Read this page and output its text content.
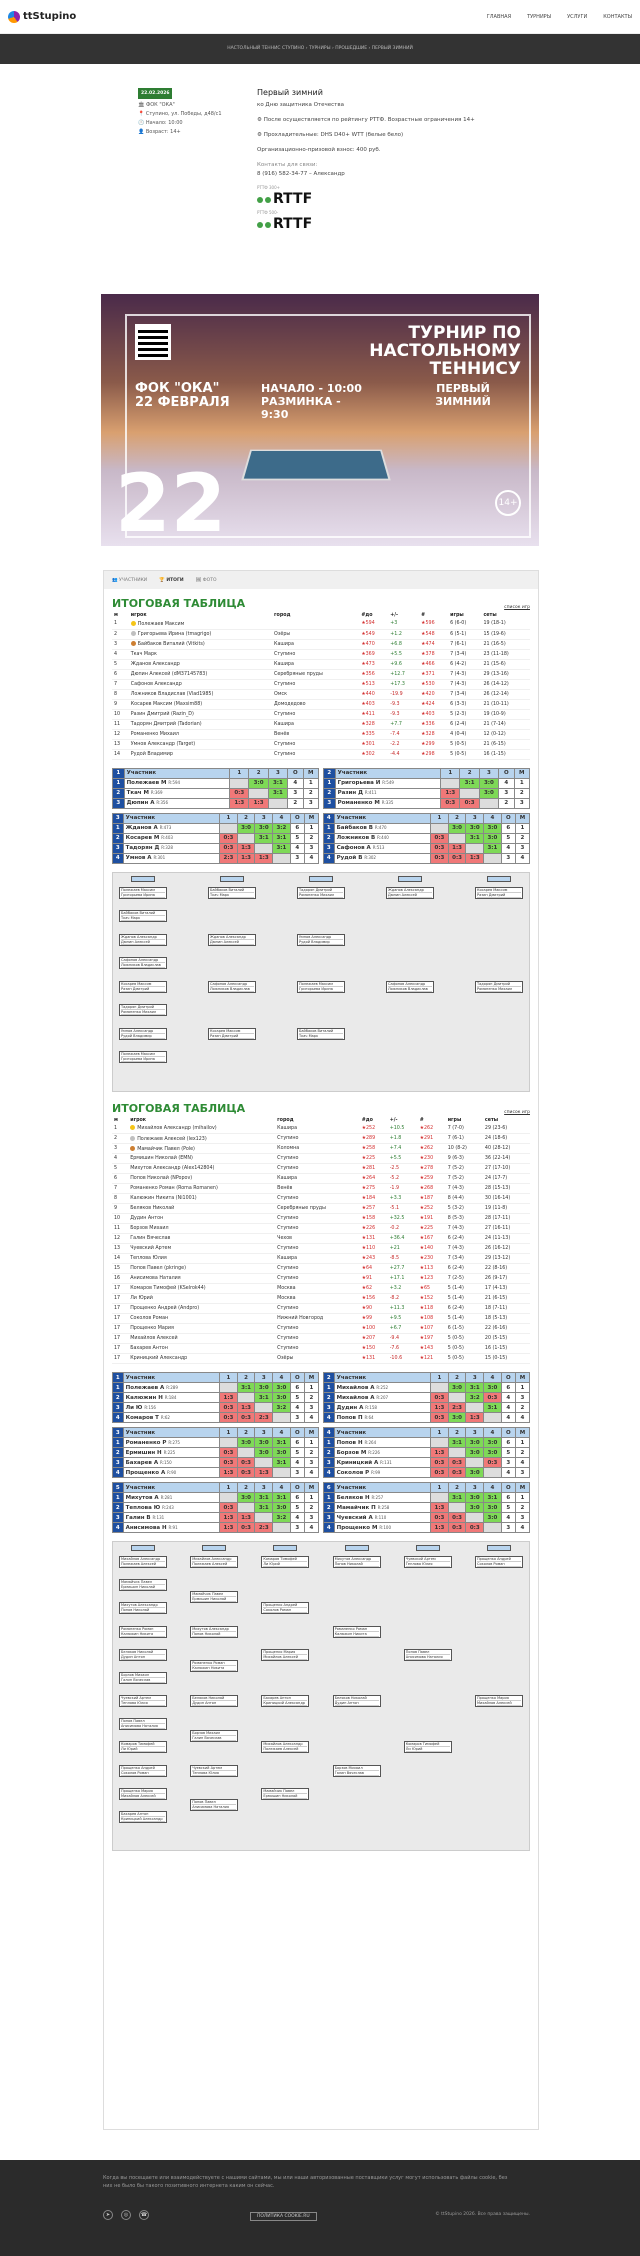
ttStupino	ГЛАВНАЯ	ТУРНИРЫ	УСЛУГИ	КОНТАКТЫ
НАСТОЛЬНЫЙ ТЕННИС СТУПИНО › ТУРНИРЫ › ПРОШЕДШИЕ › ПЕРВЫЙ ЗИМНИЙ
22.02.2026
🏛 ФОК "ОКА"
📍 Ступино, ул. Победы, д48/с1
🕙 Начало: 10:00
👤 Возраст: 14+
Первый зимний
ко Дню защитника Отечества
⚙ После осуществляется по рейтингу РТТФ. Возрастные ограничения 14+
⚙ Прохладительные: DHS D40+ WTT (белые бело)
Организационно-призовой взнос: 400 руб.
Контакты для связи:
8 (916) 582-34-77 – Александр
РТТФ 300+
RTTF
РТТФ 500-
RTTF
ТУРНИР ПО НАСТОЛЬНОМУ ТЕННИСУ
ФОК "ОКА" 22 ФЕВРАЛЯ
НАЧАЛО - 10:00 РАЗМИНКА - 9:30
ПЕРВЫЙ ЗИМНИЙ
22	14+
👥 УЧАСТНИКИ	🏆 ИТОГИ	🖼 ФОТО
ИТОГОВАЯ ТАБЛИЦА	список игр
м	игрок	город	#до	+/-	#	игры	сеты
1	Полежаев Максим		★594	+3	★596	6 (6-0)	19 (18-1)
2	Григорьева Ирина (tmagrigo)	Озёры	★549	+1.2	★548	6 (5-1)	15 (19-6)
3	Байбаков Виталий (Vitkits)	Кашира	★470	+6.8	★474	7 (6-1)	21 (16-5)
4	Ткач Марк	Ступино	★369	+5.5	★378	7 (3-4)	23 (11-18)
5	Жданов Александр	Кашира	★473	+9.6	★466	6 (4-2)	21 (15-6)
6	Дюпин Алексей (dM37145783)	Серебряные пруды	★356	+12.7	★371	7 (4-3)	29 (13-16)
7	Сафонов Александр	Ступино	★513	+17.3	★530	7 (4-3)	26 (14-12)
8	Ложников Владислав (Vlad1985)	Омск	★440	-19.9	★420	7 (3-4)	26 (12-14)
9	Косарев Максим (Maxsim88)	Домодедово	★403	-9.3	★424	6 (3-3)	21 (10-11)
10	Разин Дмитрий (Razin_D)	Ступино	★411	-9.3	★403	5 (2-3)	19 (10-9)
11	Тадорян Дмитрий (Tadorian)	Кашира	★328	+7.7	★336	6 (2-4)	21 (7-14)
12	Романенко Михаил	Венёв	★335	-7.4	★328	4 (0-4)	12 (0-12)
13	Умнов Александр (Target)	Ступино	★301	-2.2	★299	5 (0-5)	21 (6-15)
14	Рудой Владимир	Ступино	★302	-4.4	★298	5 (0-5)	16 (1-15)
1	Участник	1	2	3	О	М
1	Полежаев М R:594		3:0	3:1	4	1
2	Ткач М R:369	0:3		3:1	3	2
3	Дюпин А R:356	1:3	1:3		2	3
2	Участник	1	2	3	О	М
1	Григорьева И R:549		3:1	3:0	4	1
2	Разин Д R:411	1:3		3:0	3	2
3	Романенко М R:335	0:3	0:3		2	3
3	Участник	1	2	3	4	О	М
1	Жданов А R:473		3:0	3:0	3:2	6	1
2	Косарев М R:403	0:3		3:1	3:1	5	2
3	Тадорян Д R:328	0:3	1:3		3:1	4	3
4	Умнов А R:301	2:3	1:3	1:3		3	4
4	Участник	1	2	3	4	О	М
1	Байбаков В R:470		3:0	3:0	3:0	6	1
2	Ложников В R:440	0:3		3:1	3:0	5	2
3	Сафонов А R:513	0:3	1:3		3:1	4	3
4	Рудой В R:302	0:3	0:3	1:3		3	4
Полежаев Максим
Григорьева Ирина
Байбаков Виталий
Ткач Марк
Жданов Александр
Дюпин Алексей
Сафонов Александр
Ложников Владислав
Косарев Максим
Разин Дмитрий
Тадорян Дмитрий
Романенко Михаил
Умнов Александр
Рудой Владимир
Полежаев Максим
Григорьева Ирина
Байбаков Виталий
Ткач Марк
Жданов Александр
Дюпин Алексей
Сафонов Александр
Ложников Владислав
Косарев Максим
Разин Дмитрий
Тадорян Дмитрий
Романенко Михаил
Умнов Александр
Рудой Владимир
Полежаев Максим
Григорьева Ирина
Байбаков Виталий
Ткач Марк
Жданов Александр
Дюпин Алексей
Сафонов Александр
Ложников Владислав
Косарев Максим
Разин Дмитрий
Тадорян Дмитрий
Романенко Михаил
ИТОГОВАЯ ТАБЛИЦА	список игр
м	игрок	город	#до	+/-	#	игры	сеты
1	Михайлов Александр (mihailov)	Кашира	★252	+10.5	★262	7 (7-0)	29 (23-6)
2	Полежаев Алексей (lex123)	Ступино	★289	+1.8	★291	7 (6-1)	24 (18-6)
3	Мамайчик Павел (Pole)	Коломна	★258	+7.4	★262	10 (8-2)	40 (28-12)
4	Ермишин Николай (EMN)	Ступино	★225	+5.5	★230	9 (6-3)	36 (22-14)
5	Михутов Александр (Alex142804)	Ступино	★281	-2.5	★278	7 (5-2)	27 (17-10)
6	Попов Николай (NPopov)	Кашира	★264	-5.2	★259	7 (5-2)	24 (17-7)
7	Романенко Роман (Roma Romanen)	Венёв	★275	-1.9	★268	7 (4-3)	28 (15-13)
8	Калюжин Никита (Ni1001)	Ступино	★184	+3.3	★187	8 (4-4)	30 (16-14)
9	Беляков Николай	Серебряные пруды	★257	-5.1	★252	5 (3-2)	19 (11-8)
10	Дудин Антон	Ступино	★158	+32.5	★191	8 (5-3)	28 (17-11)
11	Борзов Михаил	Ступино	★226	-0.2	★225	7 (4-3)	27 (16-11)
12	Галин Вячеслав	Чехов	★131	+36.4	★167	6 (2-4)	24 (11-13)
13	Чуевский Артем	Ступино	★110	+21	★140	7 (4-3)	26 (16-12)
14	Теплова Юлия	Кашира	★243	-8.5	★230	7 (3-4)	29 (13-12)
15	Попов Павел (pkringe)	Ступино	★64	+27.7	★113	6 (2-4)	22 (8-16)
16	Анисимова Наталия	Ступино	★91	+17.1	★123	7 (2-5)	26 (9-17)
17	Комаров Тимофей (KSelrok44)	Москва	★62	+3.2	★65	5 (1-4)	17 (4-13)
17	Ли Юрий	Москва	★156	-8.2	★152	5 (1-4)	21 (6-15)
17	Прощенко Андрей (Andpro)	Ступино	★90	+11.3	★118	6 (2-4)	18 (7-11)
17	Соколов Роман	Нижний Новгород	★99	+9.5	★108	5 (1-4)	18 (5-13)
17	Прощенко Мария	Ступино	★100	+6.7	★107	6 (1-5)	22 (6-16)
17	Михайлов Алексей	Ступино	★207	-9.4	★197	5 (0-5)	20 (5-15)
17	Бахарев Антон	Ступино	★150	-7.6	★143	5 (0-5)	16 (1-15)
17	Криницкий Александр	Озёры	★131	-10.6	★121	5 (0-5)	15 (0-15)
1	Участник	1	2	3	4	О	М
1	Полежаев А R:289		3:1	3:0	3:0	6	1
2	Калюжин Н R:184	1:3		3:1	3:0	5	2
3	Ли Ю R:156	0:3	1:3		3:2	4	3
4	Комаров Т R:62	0:3	0:3	2:3		3	4
2	Участник	1	2	3	4	О	М
1	Михайлов А R:252		3:0	3:1	3:0	6	1
2	Михайлов А R:207	0:3		3:2	0:3	4	3
3	Дудин А R:158	1:3	2:3		3:1	4	2
4	Попов П R:64	0:3	3:0	1:3		4	4
3	Участник	1	2	3	4	О	М
1	Романенко Р R:275		3:0	3:0	3:1	6	1
2	Ермишин Н R:225	0:3		3:0	3:0	5	2
3	Бахарев А R:150	0:3	0:3		3:1	4	3
4	Прощенко А R:90	1:3	0:3	1:3		3	4
4	Участник	1	2	3	4	О	М
1	Попов Н R:264		3:1	3:0	3:0	6	1
2	Борзов М R:226	1:3		3:0	3:0	5	2
3	Криницкий А R:131	0:3	0:3		0:3	3	4
4	Соколов Р R:99	0:3	0:3	3:0		4	3
5	Участник	1	2	3	4	О	М
1	Михутов А R:281		3:0	3:1	3:1	6	1
2	Теплова Ю R:243	0:3		3:1	3:0	5	2
3	Галин В R:131	1:3	1:3		3:2	4	3
4	Анисимова Н R:91	1:3	0:3	2:3		3	4
6	Участник	1	2	3	4	О	М
1	Беляков Н R:257		3:1	3:0	3:1	6	1
2	Мамайчик П R:258	1:3		3:0	3:0	5	2
3	Чуевский А R:110	0:3	0:3		3:0	4	3
4	Прощенко М R:100	1:3	0:3	0:3		3	4
Михайлов Александр
Полежаев Алексей
Мамайчик Павел
Ермишин Николай
Михутов Александр
Попов Николай
Романенко Роман
Калюжин Никита
Беляков Николай
Дудин Антон
Борзов Михаил
Галин Вячеслав
Чуевский Артем
Теплова Юлия
Попов Павел
Анисимова Наталия
Комаров Тимофей
Ли Юрий
Прощенко Андрей
Соколов Роман
Прощенко Мария
Михайлов Алексей
Бахарев Антон
Криницкий Александр
Михайлов Александр
Полежаев Алексей
Мамайчик Павел
Ермишин Николай
Михутов Александр
Попов Николай
Романенко Роман
Калюжин Никита
Беляков Николай
Дудин Антон
Борзов Михаил
Галин Вячеслав
Чуевский Артем
Теплова Юлия
Попов Павел
Анисимова Наталия
Комаров Тимофей
Ли Юрий
Прощенко Андрей
Соколов Роман
Прощенко Мария
Михайлов Алексей
Бахарев Антон
Криницкий Александр
Михайлов Александр
Полежаев Алексей
Мамайчик Павел
Ермишин Николай
Михутов Александр
Попов Николай
Романенко Роман
Калюжин Никита
Беляков Николай
Дудин Антон
Борзов Михаил
Галин Вячеслав
Чуевский Артем
Теплова Юлия
Попов Павел
Анисимова Наталия
Комаров Тимофей
Ли Юрий
Прощенко Андрей
Соколов Роман
Прощенко Мария
Михайлов Алексей

Когда вы посещаете или взаимодействуете с нашими сайтами, мы или наши авторизованные поставщики услуг могут использовать файлы cookie, без них не было бы такого позитивного интернета каким он сейчас.

➤	◎	☎	ПОЛИТИКА COOKIE.RU	© ttStupino 2026. Все права защищены.
